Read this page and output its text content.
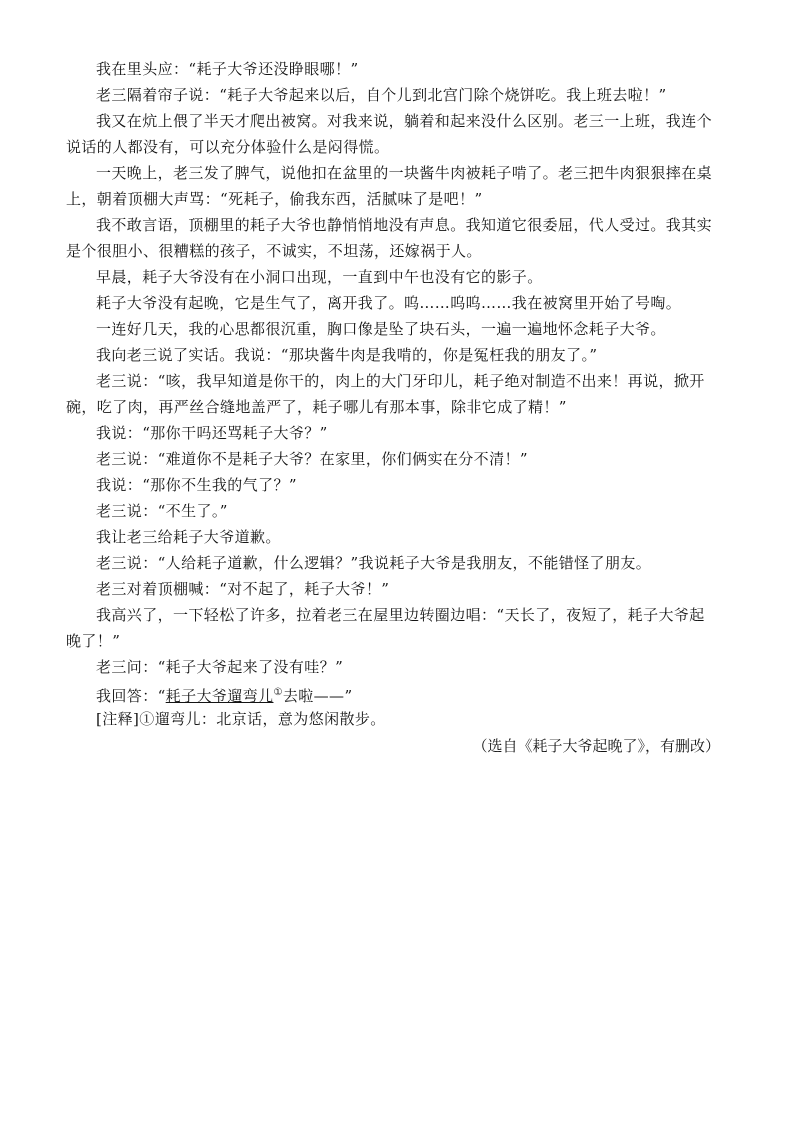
我在里头应：“耗子大爷还没睁眼哪！”

老三隔着帘子说：“耗子大爷起来以后，自个儿到北宫门除个烧饼吃。我上班去啦！”

我又在炕上偎了半天才爬出被窝。对我来说，躺着和起来没什么区别。老三一上班，我连个说话的人都没有，可以充分体验什么是闷得慌。

一天晚上，老三发了脾气，说他扣在盆里的一块酱牛肉被耗子啃了。老三把牛肉狠狠摔在桌上，朝着顶棚大声骂：“死耗子，偷我东西，活腻味了是吧！”

我不敢言语，顶棚里的耗子大爷也静悄悄地没有声息。我知道它很委屈，代人受过。我其实是个很胆小、很糟糕的孩子，不诚实，不坦荡，还嫁祸于人。

早晨，耗子大爷没有在小洞口出现，一直到中午也没有它的影子。

耗子大爷没有起晚，它是生气了，离开我了。呜……呜呜……我在被窝里开始了号啕。

一连好几天，我的心思都很沉重，胸口像是坠了块石头，一遍一遍地怀念耗子大爷。

我向老三说了实话。我说：“那块酱牛肉是我啃的，你是冤枉我的朋友了。”

老三说：“咳，我早知道是你干的，肉上的大门牙印儿，耗子绝对制造不出来！再说，掀开碗，吃了肉，再严丝合缝地盖严了，耗子哪儿有那本事，除非它成了精！”

我说：“那你干吗还骂耗子大爷？”

老三说：“难道你不是耗子大爷？在家里，你们俩实在分不清！”

我说：“那你不生我的气了？”

老三说：“不生了。”

我让老三给耗子大爷道歉。

老三说：“人给耗子道歉，什么逻辑？”我说耗子大爷是我朋友，不能错怪了朋友。

老三对着顶棚喊：“对不起了，耗子大爷！”

我高兴了，一下轻松了许多，拉着老三在屋里边转圈边唱：“天长了，夜短了，耗子大爷起晚了！”

老三问：“耗子大爷起来了没有哇？”

我回答：“耗子大爷遛弯儿①去啦——”

[注释]①遛弯儿：北京话，意为悠闲散步。

（选自《耗子大爷起晚了》，有删改）
